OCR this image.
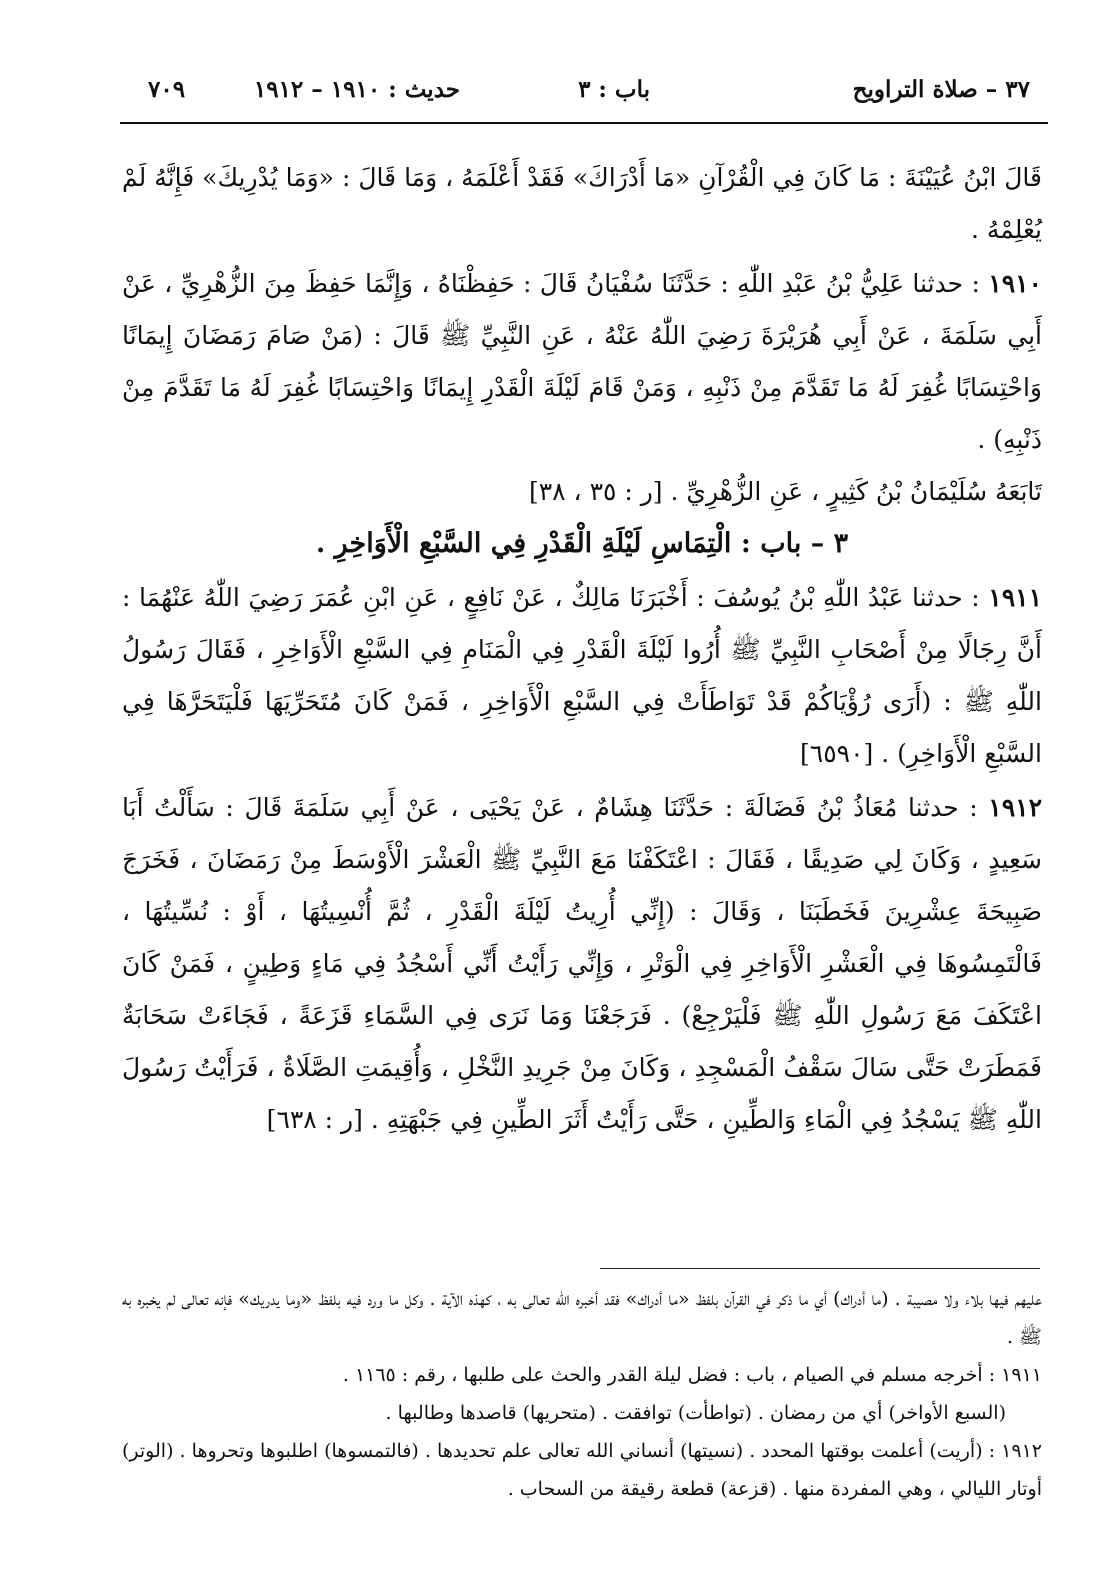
٣٧ – صلاة التراويح
باب : ٣
حديث : ١٩١٠ – ١٩١٢
٧٠٩

قَالَ ابْنُ عُيَيْنَةَ : مَا كَانَ فِي الْقُرْآنِ «مَا أَدْرَاكَ» فَقَدْ أَعْلَمَهُ ، وَمَا قَالَ : «وَمَا يُدْرِيكَ» فَإِنَّهُ لَمْ يُعْلِمْهُ .

١٩١٠ : حدثنا عَلِيُّ بْنُ عَبْدِ اللّٰهِ : حَدَّثَنَا سُفْيَانُ قَالَ : حَفِظْنَاهُ ، وَإِنَّمَا حَفِظَ مِنَ الزُّهْرِيِّ ، عَنْ أَبِي سَلَمَةَ ، عَنْ أَبِي هُرَيْرَةَ رَضِيَ اللّٰهُ عَنْهُ ، عَنِ النَّبِيِّ ﷺ قَالَ : (مَنْ صَامَ رَمَضَانَ إِيمَانًا وَاحْتِسَابًا غُفِرَ لَهُ مَا تَقَدَّمَ مِنْ ذَنْبِهِ ، وَمَنْ قَامَ لَيْلَةَ الْقَدْرِ إِيمَانًا وَاحْتِسَابًا غُفِرَ لَهُ مَا تَقَدَّمَ مِنْ ذَنْبِهِ) .

تَابَعَهُ سُلَيْمَانُ بْنُ كَثِيرٍ ، عَنِ الزُّهْرِيِّ . [ر : ٣٥ ، ٣٨]

٣ – باب : الْتِمَاسِ لَيْلَةِ الْقَدْرِ فِي السَّبْعِ الْأَوَاخِرِ .

١٩١١ : حدثنا عَبْدُ اللّٰهِ بْنُ يُوسُفَ : أَخْبَرَنَا مَالِكٌ ، عَنْ نَافِعٍ ، عَنِ ابْنِ عُمَرَ رَضِيَ اللّٰهُ عَنْهُمَا : أَنَّ رِجَالًا مِنْ أَصْحَابِ النَّبِيِّ ﷺ أُرُوا لَيْلَةَ الْقَدْرِ فِي الْمَنَامِ فِي السَّبْعِ الْأَوَاخِرِ ، فَقَالَ رَسُولُ اللّٰهِ ﷺ : (أَرَى رُؤْيَاكُمْ قَدْ تَوَاطَأَتْ فِي السَّبْعِ الْأَوَاخِرِ ، فَمَنْ كَانَ مُتَحَرِّيَهَا فَلْيَتَحَرَّهَا فِي السَّبْعِ الْأَوَاخِرِ) . [٦٥٩٠]

١٩١٢ : حدثنا مُعَاذُ بْنُ فَضَالَةَ : حَدَّثَنَا هِشَامٌ ، عَنْ يَحْيَى ، عَنْ أَبِي سَلَمَةَ قَالَ : سَأَلْتُ أَبَا سَعِيدٍ ، وَكَانَ لِي صَدِيقًا ، فَقَالَ : اعْتَكَفْنَا مَعَ النَّبِيِّ ﷺ الْعَشْرَ الْأَوْسَطَ مِنْ رَمَضَانَ ، فَخَرَجَ صَبِيحَةَ عِشْرِينَ فَخَطَبَنَا ، وَقَالَ : (إِنِّي أُرِيتُ لَيْلَةَ الْقَدْرِ ، ثُمَّ أُنْسِيتُهَا ، أَوْ : نُسِّيتُهَا ، فَالْتَمِسُوهَا فِي الْعَشْرِ الْأَوَاخِرِ فِي الْوَتْرِ ، وَإِنِّي رَأَيْتُ أَنِّي أَسْجُدُ فِي مَاءٍ وَطِينٍ ، فَمَنْ كَانَ اعْتَكَفَ مَعَ رَسُولِ اللّٰهِ ﷺ فَلْيَرْجِعْ) . فَرَجَعْنَا وَمَا نَرَى فِي السَّمَاءِ قَزَعَةً ، فَجَاءَتْ سَحَابَةٌ فَمَطَرَتْ حَتَّى سَالَ سَقْفُ الْمَسْجِدِ ، وَكَانَ مِنْ جَرِيدِ النَّخْلِ ، وَأُقِيمَتِ الصَّلَاةُ ، فَرَأَيْتُ رَسُولَ اللّٰهِ ﷺ يَسْجُدُ فِي الْمَاءِ وَالطِّينِ ، حَتَّى رَأَيْتُ أَثَرَ الطِّينِ فِي جَبْهَتِهِ . [ر : ٦٣٨]

عليهم فيها بلاء ولا مصيبة . (ما أدراك) أي ما ذكر في القرآن بلفظ «ما أدراك» فقد أخبره الله تعالى به ، كهذه الآية . وكل ما ورد فيه بلفظ «وما يدريك» فإنه تعالى لم يخبره به ﷺ .

١٩١١ : أخرجه مسلم في الصيام ، باب : فضل ليلة القدر والحث على طلبها ، رقم : ١١٦٥ .

(السبع الأواخر) أي من رمضان . (تواطأت) توافقت . (متحريها) قاصدها وطالبها .

١٩١٢ : (أريت) أعلمت بوقتها المحدد . (نسيتها) أنساني الله تعالى علم تحديدها . (فالتمسوها) اطلبوها وتحروها . (الوتر) أوتار الليالي ، وهي المفردة منها . (قزعة) قطعة رقيقة من السحاب .
